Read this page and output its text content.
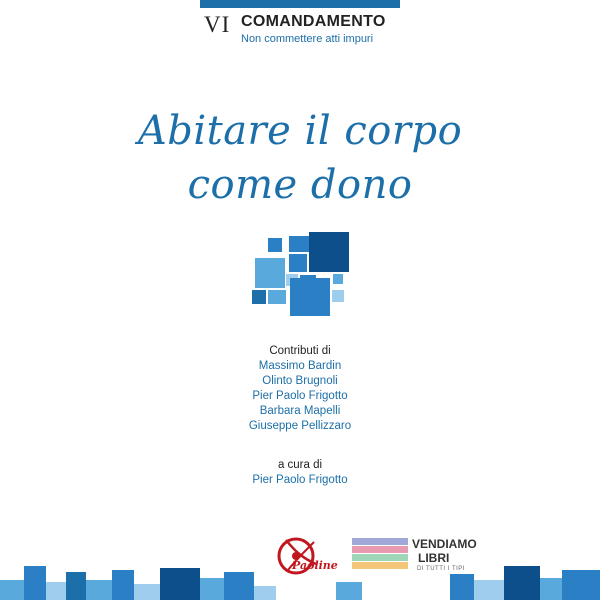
VI COMANDAMENTO
Non commettere atti impuri
Abitare il corpo
come dono
Contributi di
Massimo Bardin
Olinto Brugnoli
Pier Paolo Frigotto
Barbara Mapelli
Giuseppe Pellizzaro
a cura di
Pier Paolo Frigotto
Paoline
VENDIAMO
LIBRI
DI TUTTI I TIPI
